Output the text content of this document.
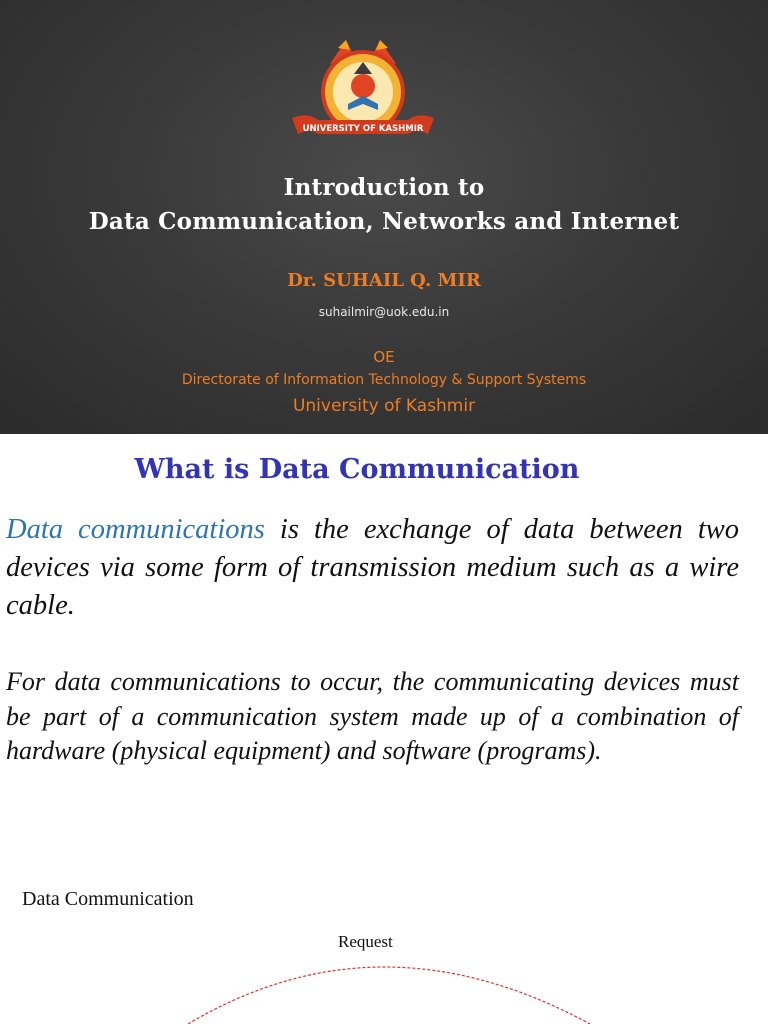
UNIVERSITY OF KASHMIR
Introduction to
Data Communication, Networks and Internet
Dr. SUHAIL Q. MIR
suhailmir@uok.edu.in
OE
Directorate of Information Technology & Support Systems
University of Kashmir
What is Data Communication
Data communications is the exchange of data between two devices via some form of transmission medium such as a wire cable.
For data communications to occur, the communicating devices must be part of a communication system made up of a combination of hardware (physical equipment) and software (programs).
Data Communication
Request
